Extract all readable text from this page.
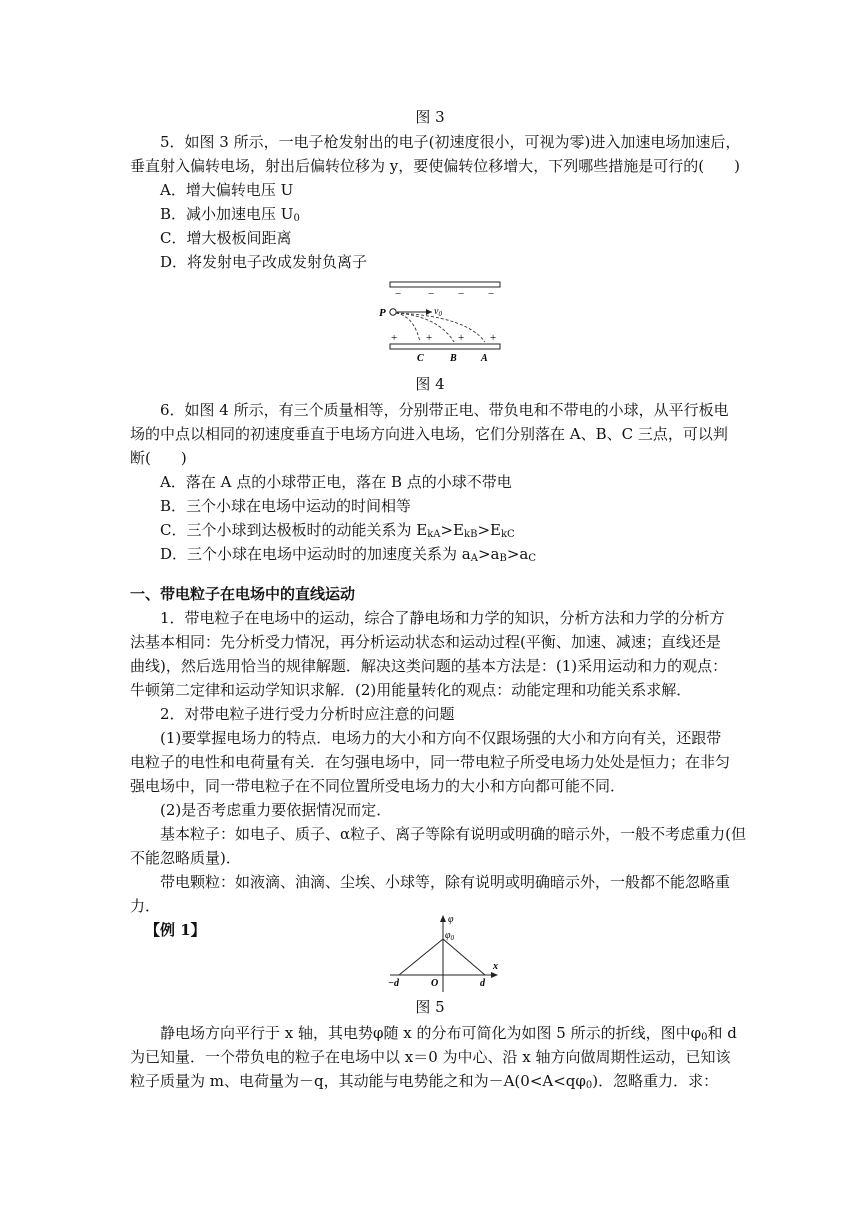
图 3
5．如图 3 所示，一电子枪发射出的电子(初速度很小，可视为零)进入加速电场加速后，
垂直射入偏转电场，射出后偏转位移为 y，要使偏转位移增大，下列哪些措施是可行的(　　)
A．增大偏转电压 U
B．减小加速电压 $U_0$
C．增大极板间距离
D．将发射电子改成发射负离子
− − − −
P	$v_0$
+	+ + +
C	B A
图 4
6．如图 4 所示，有三个质量相等，分别带正电、带负电和不带电的小球，从平行板电
场的中点以相同的初速度垂直于电场方向进入电场，它们分别落在 A、B、C 三点，可以判
断(　　)
A．落在 A 点的小球带正电，落在 B 点的小球不带电
B．三个小球在电场中运动的时间相等
C．三个小球到达极板时的动能关系为 $E_{kA}>E_{kB}>E_{kC}$
D．三个小球在电场中运动时的加速度关系为 $a_A>a_B>a_C$
一、带电粒子在电场中的直线运动
1．带电粒子在电场中的运动，综合了静电场和力学的知识，分析方法和力学的分析方
法基本相同：先分析受力情况，再分析运动状态和运动过程(平衡、加速、减速；直线还是
曲线)，然后选用恰当的规律解题．解决这类问题的基本方法是：(1)采用运动和力的观点：
牛顿第二定律和运动学知识求解．(2)用能量转化的观点：动能定理和功能关系求解．
2．对带电粒子进行受力分析时应注意的问题
(1)要掌握电场力的特点．电场力的大小和方向不仅跟场强的大小和方向有关，还跟带
电粒子的电性和电荷量有关．在匀强电场中，同一带电粒子所受电场力处处是恒力；在非匀
强电场中，同一带电粒子在不同位置所受电场力的大小和方向都可能不同．
(2)是否考虑重力要依据情况而定．
基本粒子：如电子、质子、α粒子、离子等除有说明或明确的暗示外，一般不考虑重力(但
不能忽略质量)．
带电颗粒：如液滴、油滴、尘埃、小球等，除有说明或明确暗示外，一般都不能忽略重
力．
【例 1】
φ
$\varphi_0$
x
O
−d	d
图 5
静电场方向平行于 x 轴，其电势φ随 x 的分布可简化为如图 5 所示的折线，图中$\varphi_0$和 d
为已知量．一个带负电的粒子在电场中以 x＝0 为中心、沿 x 轴方向做周期性运动，已知该
粒子质量为 m、电荷量为－q，其动能与电势能之和为$-A(0<A<q\varphi_0)$．忽略重力．求：
